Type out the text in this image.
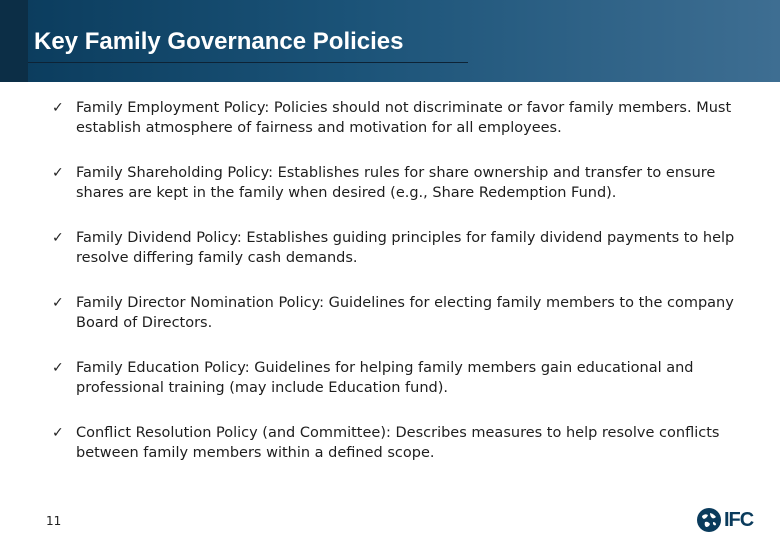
Key Family Governance Policies
✓ Family Employment Policy: Policies should not discriminate or favor family members. Must establish atmosphere of fairness and motivation for all employees.
✓ Family Shareholding Policy: Establishes rules for share ownership and transfer to ensure shares are kept in the family when desired (e.g., Share Redemption Fund).
✓ Family Dividend Policy: Establishes guiding principles for family dividend payments to help resolve differing family cash demands.
✓ Family Director Nomination Policy: Guidelines for electing family members to the company Board of Directors.
✓ Family Education Policy: Guidelines for helping family members gain educational and professional training (may include Education fund).
✓ Conflict Resolution Policy (and Committee): Describes measures to help resolve conflicts between family members within a defined scope.
11	IFC
